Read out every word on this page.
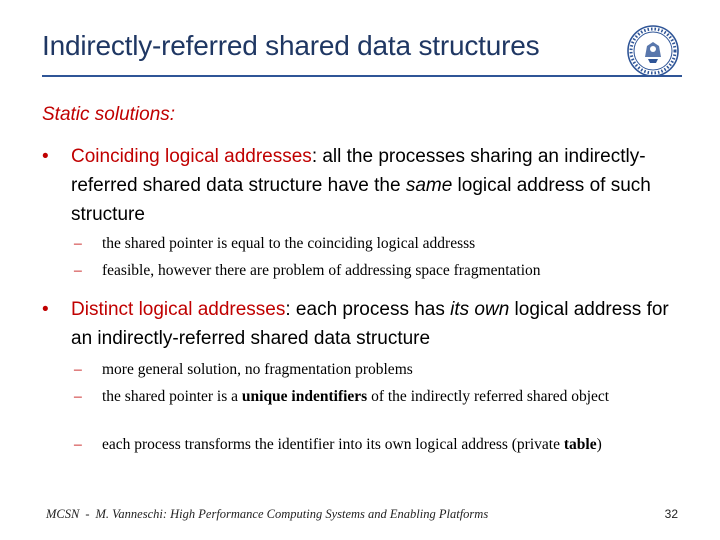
Indirectly-referred shared data structures
Static solutions:
•	Coinciding logical addresses: all the processes sharing an indirectly-referred shared data structure have the same logical address of such structure
– the shared pointer is equal to the coinciding logical addresss
– feasible, however there are problem of addressing space fragmentation
•	Distinct logical addresses: each process has its own logical address for an indirectly-referred shared data structure
– more general solution, no fragmentation problems
– the shared pointer is a unique indentifiers of the indirectly referred shared object
– each process transforms the identifier into its own logical address (private table)
MCSN - M. Vanneschi: High Performance Computing Systems and Enabling Platforms	32
